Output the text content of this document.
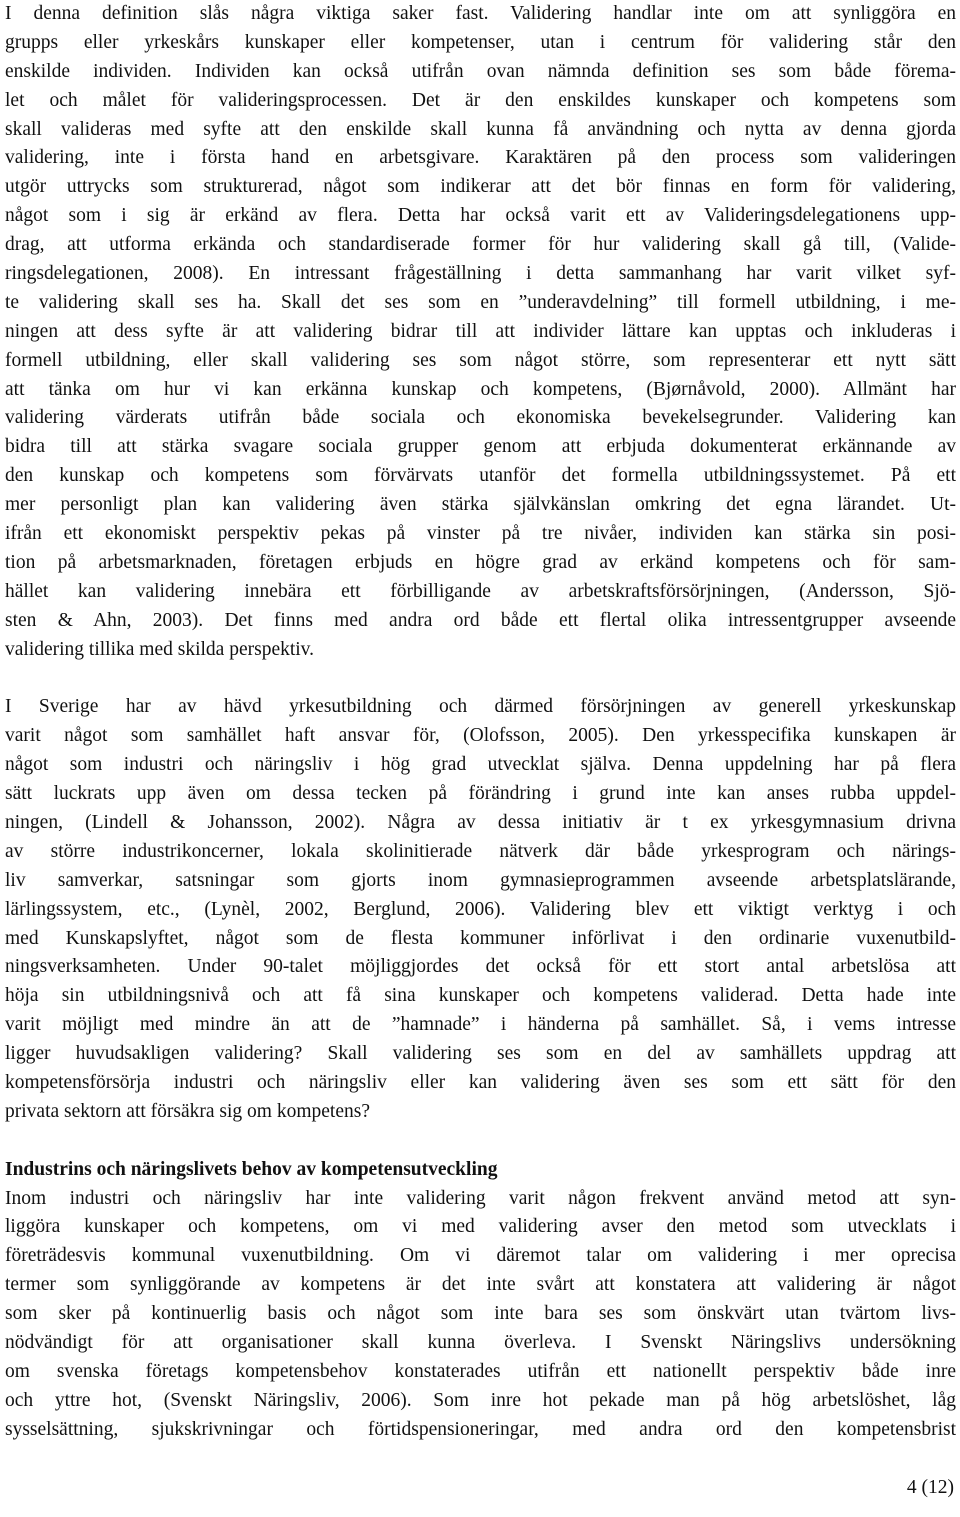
I denna definition slås några viktiga saker fast. Validering handlar inte om att synliggöra en
grupps eller yrkeskårs kunskaper eller kompetenser, utan i centrum för validering står den
enskilde individen. Individen kan också utifrån ovan nämnda definition ses som både förema-
let och målet för valideringsprocessen. Det är den enskildes kunskaper och kompetens som
skall valideras med syfte att den enskilde skall kunna få användning och nytta av denna gjorda
validering, inte i första hand en arbetsgivare. Karaktären på den process som valideringen
utgör uttrycks som strukturerad, något som indikerar att det bör finnas en form för validering,
något som i sig är erkänd av flera. Detta har också varit ett av Valideringsdelegationens upp-
drag, att utforma erkända och standardiserade former för hur validering skall gå till, (Valide-
ringsdelegationen, 2008). En intressant frågeställning i detta sammanhang har varit vilket syf-
te validering skall ses ha. Skall det ses som en ”underavdelning” till formell utbildning, i me-
ningen att dess syfte är att validering bidrar till att individer lättare kan upptas och inkluderas i
formell utbildning, eller skall validering ses som något större, som representerar ett nytt sätt
att tänka om hur vi kan erkänna kunskap och kompetens, (Bjørnåvold, 2000). Allmänt har
validering värderats utifrån både sociala och ekonomiska bevekelsegrunder. Validering kan
bidra till att stärka svagare sociala grupper genom att erbjuda dokumenterat erkännande av
den kunskap och kompetens som förvärvats utanför det formella utbildningssystemet. På ett
mer personligt plan kan validering även stärka självkänslan omkring det egna lärandet. Ut-
ifrån ett ekonomiskt perspektiv pekas på vinster på tre nivåer, individen kan stärka sin posi-
tion på arbetsmarknaden, företagen erbjuds en högre grad av erkänd kompetens och för sam-
hället kan validering innebära ett förbilligande av arbetskraftsförsörjningen, (Andersson, Sjö-
sten & Ahn, 2003). Det finns med andra ord både ett flertal olika intressentgrupper avseende
validering tillika med skilda perspektiv.
I Sverige har av hävd yrkesutbildning och därmed försörjningen av generell yrkeskunskap
varit något som samhället haft ansvar för, (Olofsson, 2005). Den yrkesspecifika kunskapen är
något som industri och näringsliv i hög grad utvecklat själva. Denna uppdelning har på flera
sätt luckrats upp även om dessa tecken på förändring i grund inte kan anses rubba uppdel-
ningen, (Lindell & Johansson, 2002). Några av dessa initiativ är t ex yrkesgymnasium drivna
av större industrikoncerner, lokala skolinitierade nätverk där både yrkesprogram och närings-
liv samverkar, satsningar som gjorts inom gymnasieprogrammen avseende arbetsplatslärande,
lärlingssystem, etc., (Lynèl, 2002, Berglund, 2006). Validering blev ett viktigt verktyg i och
med Kunskapslyftet, något som de flesta kommuner införlivat i den ordinarie vuxenutbild-
ningsverksamheten. Under 90-talet möjliggjordes det också för ett stort antal arbetslösa att
höja sin utbildningsnivå och att få sina kunskaper och kompetens validerad. Detta hade inte
varit möjligt med mindre än att de ”hamnade” i händerna på samhället. Så, i vems intresse
ligger huvudsakligen validering? Skall validering ses som en del av samhällets uppdrag att
kompetensförsörja industri och näringsliv eller kan validering även ses som ett sätt för den
privata sektorn att försäkra sig om kompetens?
Industrins och näringslivets behov av kompetensutveckling
Inom industri och näringsliv har inte validering varit någon frekvent använd metod att syn-
liggöra kunskaper och kompetens, om vi med validering avser den metod som utvecklats i
företrädesvis kommunal vuxenutbildning. Om vi däremot talar om validering i mer oprecisa
termer som synliggörande av kompetens är det inte svårt att konstatera att validering är något
som sker på kontinuerlig basis och något som inte bara ses som önskvärt utan tvärtom livs-
nödvändigt för att organisationer skall kunna överleva. I Svenskt Näringslivs undersökning
om svenska företags kompetensbehov konstaterades utifrån ett nationellt perspektiv både inre
och yttre hot, (Svenskt Näringsliv, 2006). Som inre hot pekade man på hög arbetslöshet, låg
sysselsättning, sjukskrivningar och förtidspensioneringar, med andra ord den kompetensbrist
4 (12)
